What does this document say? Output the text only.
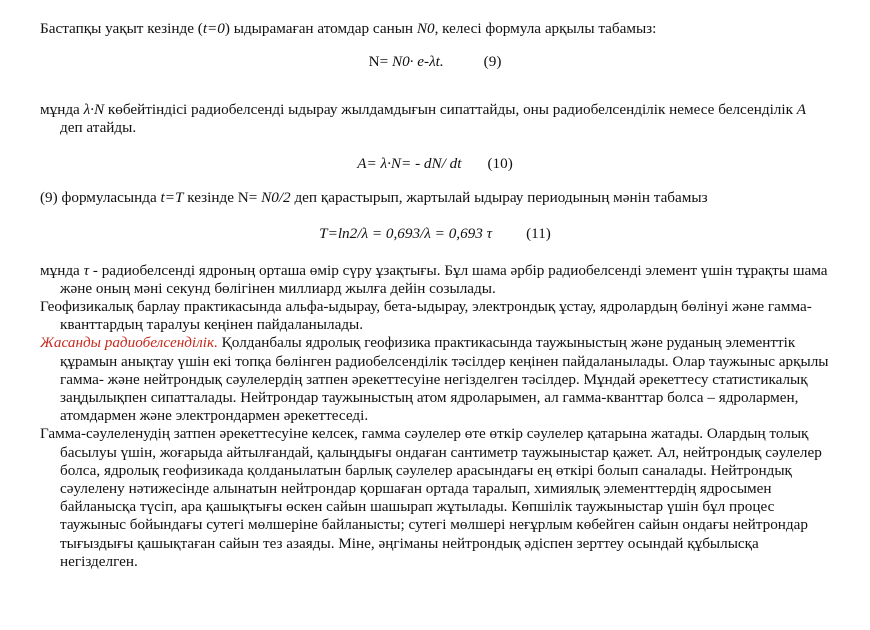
Бастапқы уақыт кезінде (t=0) ыдырамаған атомдар санын N0, келесі формула арқылы табамыз:

N= N0· e-λt.	(9)

мұнда λ·N көбейтіндісі радиобелсенді ыдырау жылдамдығын сипаттайды, оны радиобелсенділік немесе белсенділік A деп атайды.

A= λ·N= - dN/ dt (10)

(9) формуласында t=T кезінде N= N0/2 деп қарастырып, жартылай ыдырау периодының мәнін табамыз

T=ln2/λ = 0,693/λ = 0,693 τ (11)

мұнда τ - радиобелсенді ядроның орташа өмір сүру ұзақтығы. Бұл шама әрбір радиобелсенді элемент үшін тұрақты шама және оның мәні секунд бөлігінен миллиард жылға дейін созылады.

Геофизикалық барлау практикасында альфа-ыдырау, бета-ыдырау, электрондық ұстау, ядролардың бөлінуі және гамма-кванттардың таралуы кеңінен пайдаланылады.

Жасанды радиобелсенділік. Қолданбалы ядролық геофизика практикасында таужыныстың және руданың элементтік құрамын анықтау үшін екі топқа бөлінген радиобелсенділік тәсілдер кеңінен пайдаланылады. Олар таужыныс арқылы гамма- және нейтрондық сәулелердің затпен әрекеттесуіне негізделген тәсілдер. Мұндай әрекеттесу статистикалық заңдылықпен сипатталады. Нейтрондар таужыныстың атом ядроларымен, ал гамма-кванттар болса – ядролармен, атомдармен және электрондармен әрекеттеседі.

Гамма-сәулеленудің затпен әрекеттесуіне келсек, гамма сәулелер өте өткір сәулелер қатарына жатады. Олардың толық басылуы үшін, жоғарыда айтылғандай, қалыңдығы ондаған сантиметр таужыныстар қажет. Ал, нейтрондық сәулелер болса, ядролық геофизикада қолданылатын барлық сәулелер арасындағы ең өткірі болып саналады. Нейтрондық сәулелену нәтижесінде алынатын нейтрондар қоршаған ортада таралып, химиялық элементтердің ядросымен байланысқа түсіп, ара қашықтығы өскен сайын шашырап жұтылады. Көпшілік таужыныстар үшін бұл процес таужыныс бойындағы сутегі мөлшеріне байланысты; сутегі мөлшері неғұрлым көбейген сайын ондағы нейтрондар тығыздығы қашықтаған сайын тез азаяды. Міне, әңгіманы нейтрондық әдіспен зерттеу осындай құбылысқа негізделген.
